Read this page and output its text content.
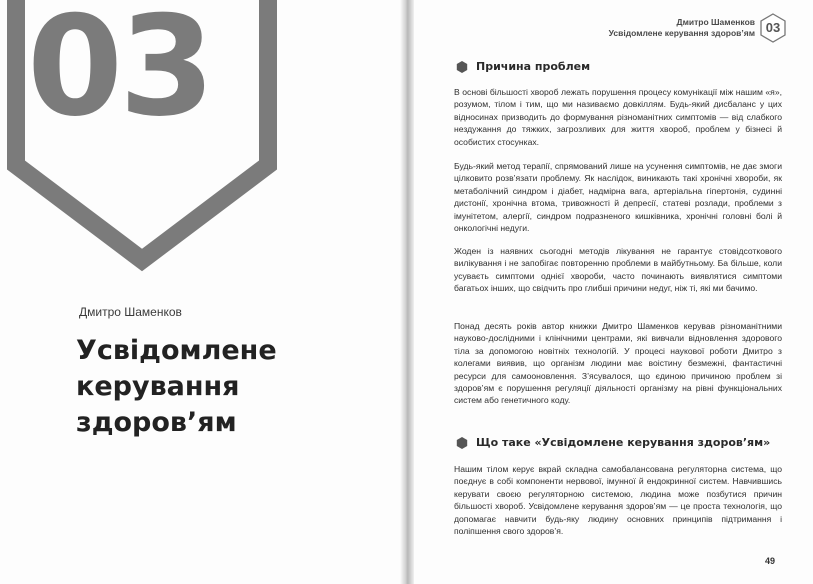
03
Дмитро Шаменков
Усвідомлене
керування
здоров’ям
Дмитро Шаменков
Усвідомлене керування здоров’ям 03
Причина проблем

В основі більшості хвороб лежать порушення процесу комунікації між нашим «я», розумом, тілом і тим, що ми називаємо довкіллям. Будь-який дисбаланс у цих відносинах призводить до формування різноманітних симптомів — від слабкого нездужання до тяжких, загрозливих для життя хвороб, проблем у бізнесі й особистих стосунках.

Будь-який метод терапії, спрямований лише на усунення симптомів, не дає змоги цілковито розв’язати проблему. Як наслідок, виникають такі хронічні хвороби, як метаболічний синдром і діабет, надмірна вага, артеріальна гіпертонія, судинні дистонії, хронічна втома, тривожності й депресії, статеві розлади, проблеми з імунітетом, алергії, синдром подразненого кишківника, хронічні головні болі й онкологічні недуги.

Жоден із наявних сьогодні методів лікування не гарантує стовідсоткового вилікування і не запобігає повторенню проблеми в майбутньому. Ба більше, коли усуваєть симптоми однієї хвороби, часто починають виявлятися симптоми багатьох інших, що свідчить про глибші причини недуг, ніж ті, які ми бачимо.

Понад десять років автор книжки Дмитро Шаменков керував різноманітними науково-дослідними і клінічними центрами, які вивчали відновлення здорового тіла за допомогою новітніх технологій. У процесі наукової роботи Дмитро з колегами виявив, що організм людини має воістину безмежні, фантастичні ресурси для самооновлення. З’ясувалося, що єдиною причиною проблем зі здоров’ям є порушення регуляції діяльності організму на рівні функціональних систем або генетичного коду.

Що таке «Усвідомлене керування здоров’ям»

Нашим тілом керує вкрай складна самобалансована регуляторна система, що поєднує в собі компоненти нервової, імунної й ендокринної систем. Навчившись керувати своєю регуляторною системою, людина може позбутися причин більшості хвороб. Усвідомлене керування здоров’ям — це проста технологія, що допомагає навчити будь-яку людину основних принципів підтримання і поліпшення свого здоров’я.

49
